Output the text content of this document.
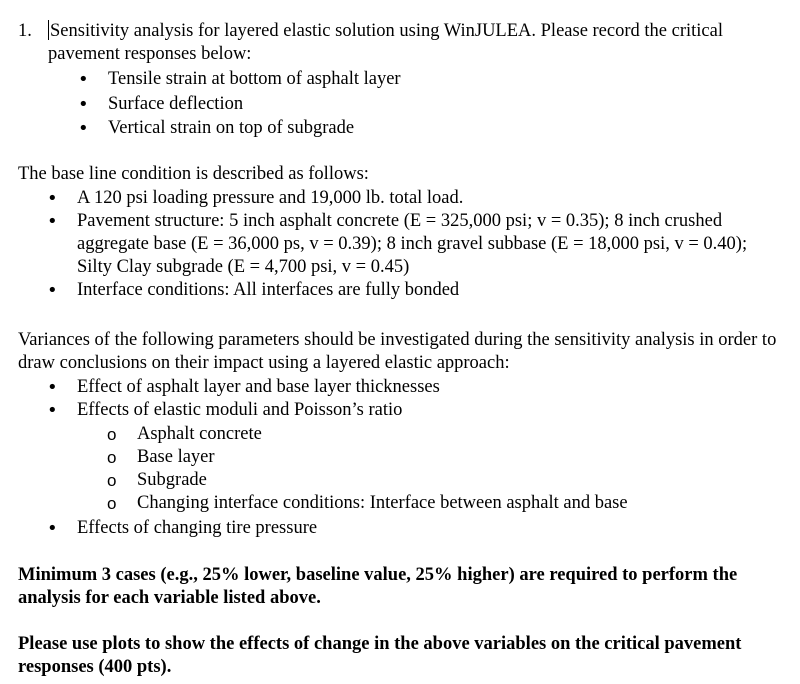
1. Sensitivity analysis for layered elastic solution using WinJULEA. Please record the critical pavement responses below:
• Tensile strain at bottom of asphalt layer
• Surface deflection
• Vertical strain on top of subgrade
The base line condition is described as follows:
• A 120 psi loading pressure and 19,000 lb. total load.
• Pavement structure: 5 inch asphalt concrete (E = 325,000 psi; v = 0.35); 8 inch crushed aggregate base (E = 36,000 ps, v = 0.39); 8 inch gravel subbase (E = 18,000 psi, v = 0.40); Silty Clay subgrade (E = 4,700 psi, v = 0.45)
• Interface conditions: All interfaces are fully bonded
Variances of the following parameters should be investigated during the sensitivity analysis in order to draw conclusions on their impact using a layered elastic approach:
• Effect of asphalt layer and base layer thicknesses
• Effects of elastic moduli and Poisson’s ratio
o Asphalt concrete
o Base layer
o Subgrade
o Changing interface conditions: Interface between asphalt and base
• Effects of changing tire pressure
Minimum 3 cases (e.g., 25% lower, baseline value, 25% higher) are required to perform the analysis for each variable listed above.
Please use plots to show the effects of change in the above variables on the critical pavement responses (400 pts).
